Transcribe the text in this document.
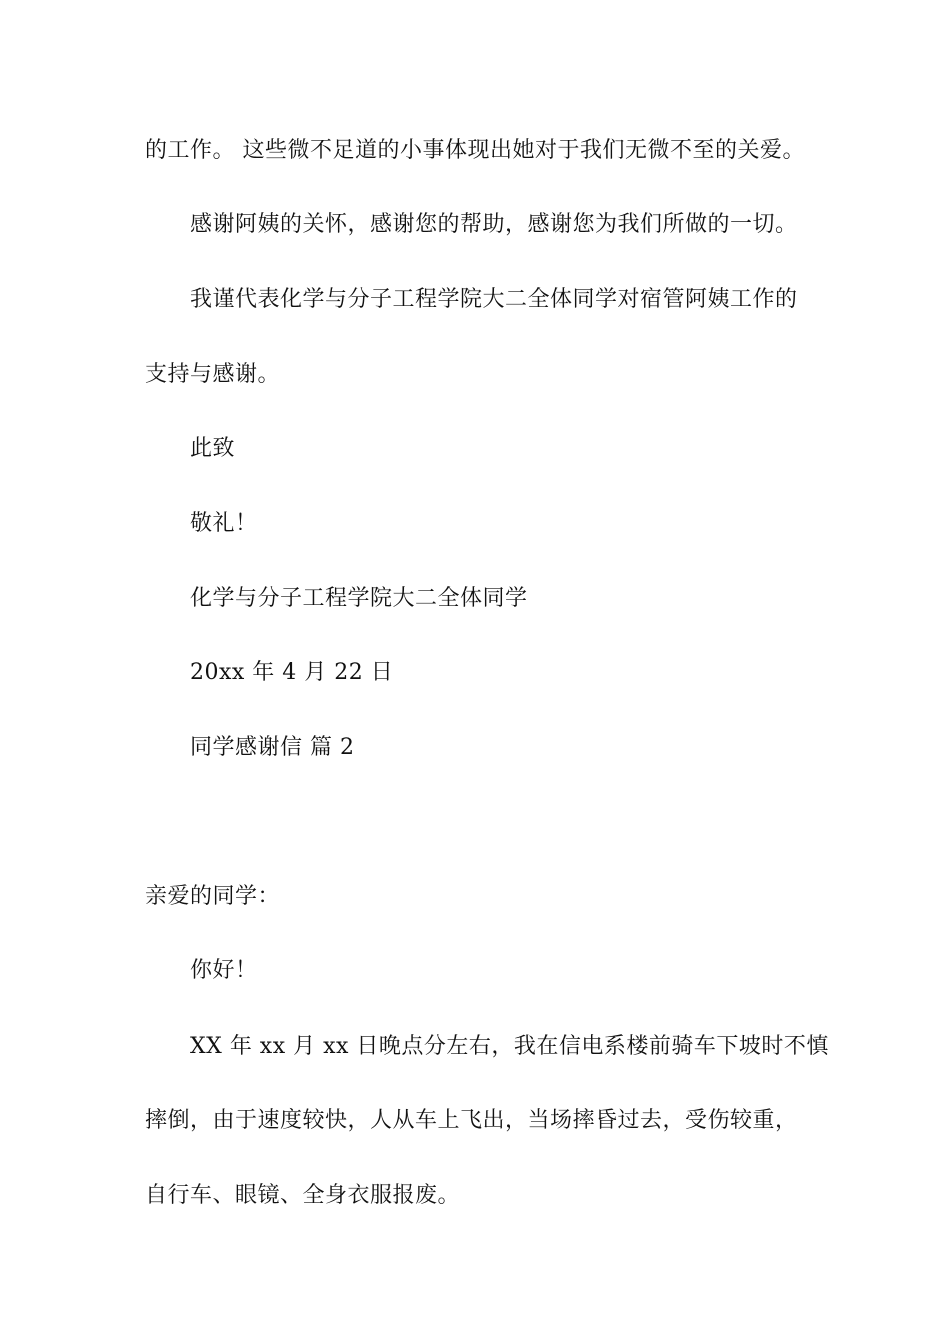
的工作。 这些微不足道的小事体现出她对于我们无微不至的关爱。
感谢阿姨的关怀，感谢您的帮助，感谢您为我们所做的一切。
我谨代表化学与分子工程学院大二全体同学对宿管阿姨工作的
支持与感谢。
此致
敬礼！
化学与分子工程学院大二全体同学
20xx 年 4 月 22 日
同学感谢信 篇 2
亲爱的同学：
你好！
XX 年 xx 月 xx 日晚点分左右，我在信电系楼前骑车下坡时不慎
摔倒，由于速度较快，人从车上飞出，当场摔昏过去，受伤较重，
自行车、眼镜、全身衣服报废。
